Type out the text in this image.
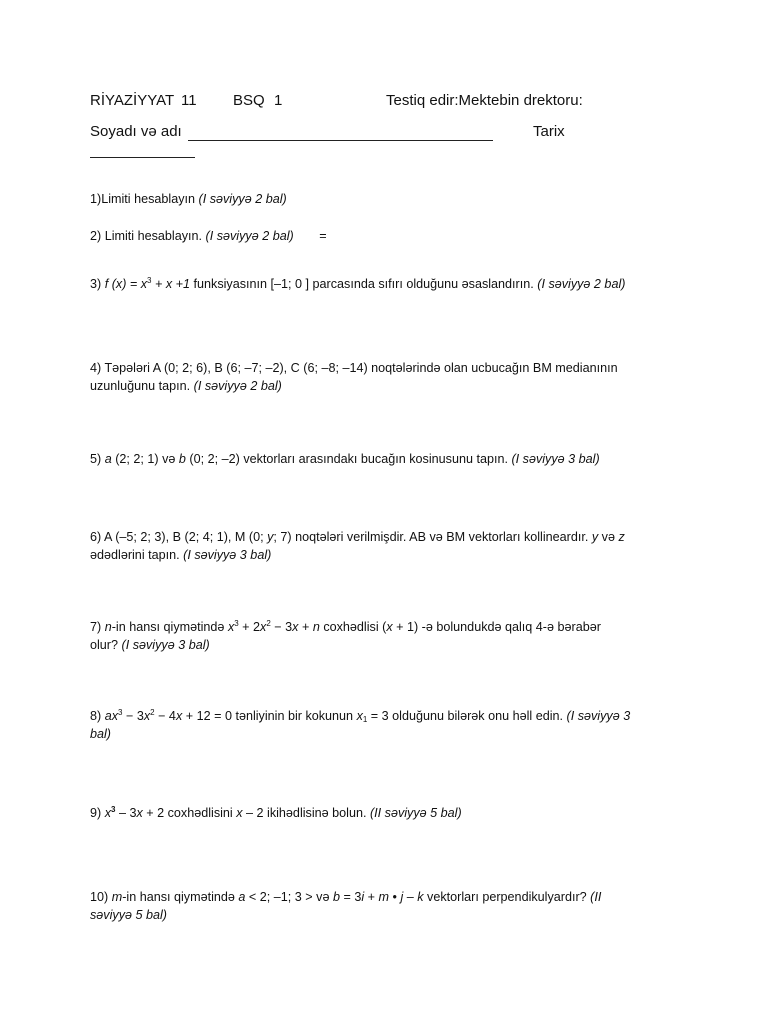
RİYAZİYYAT 11 BSQ 1	Testiq edir:Mektebin drektoru:
Soyadı və adı	Tarix
1)Limiti hesablayın (I səviyyə 2 bal)
2) Limiti hesablayın. (I səviyyə 2 bal) =
3) f $(x) = x^3 + x +1$ funksiyasının [–1; 0 ] parcasında sıfırı olduğunu əsaslandırın. (I səviyyə 2 bal)
4) Təpələri A (0; 2; 6), B (6; –7; –2), C (6; –8; –14) noqtələrində olan ucbucağın BM medianının
uzunluğunu tapın. (I səviyyə 2 bal)
5) a (2; 2; 1) və b (0; 2; –2) vektorları arasındakı bucağın kosinusunu tapın. (I səviyyə 3 bal)
6) A (–5; 2; 3), B (2; 4; 1), M (0; y; 7) noqtələri verilmişdir. AB və BM vektorları kollineardır. y və z
ədədlərini tapın. (I səviyyə 3 bal)
7) n-in hansı qiymətində $x^3 + 2x^2 - 3x + n$ coxhədlisi (x + 1) -ə bolundukdə qalıq 4-ə bərabər
olur? (I səviyyə 3 bal)
8) $ax^3 - 3x^2 - 4x + 12 = 0$ tənliyinin bir kokunun $x_1 = 3$ olduğunu bilərək onu həll edin. (I səviyyə 3
bal)
9) $x^3 - 3x + 2$ coxhədlisini x – 2 ikihədlisinə bolun. (II səviyyə 5 bal)
10) m-in hansı qiymətində a < 2; –1; 3 > və b = 3i + m • j – k vektorları perpendikulyardır? (II
səviyyə 5 bal)
